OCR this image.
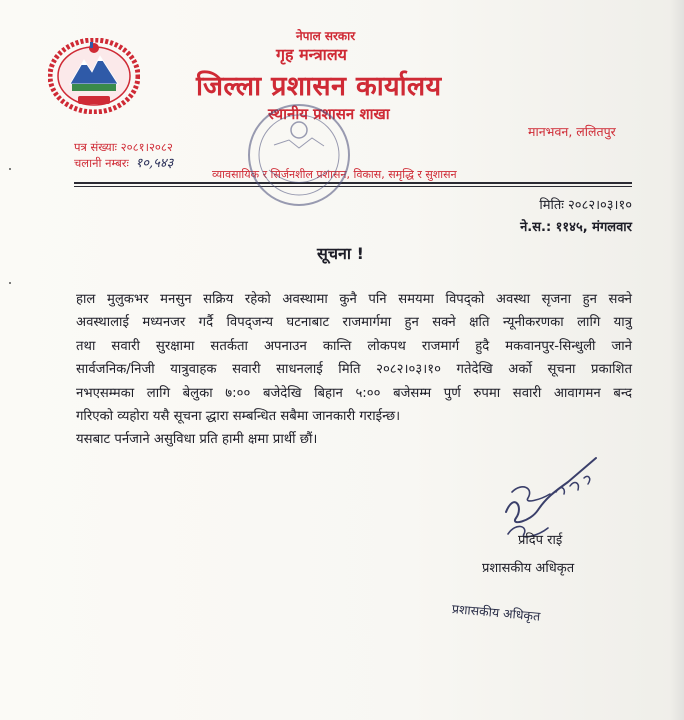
नेपाल सरकार
गृह मन्त्रालय
जिल्ला प्रशासन कार्यालय
स्थानीय प्रशासन शाखा
मानभवन, ललितपुर
पत्र संख्याः २०८१।२०८२
चलानी नम्बरः १०,५४३
व्यावसायिक र सिर्जनशील प्रशासन, विकास, समृद्धि र सुशासन
मितिः २०८२।०३।१०
ने.स.: ११४५, मंगलवार
सूचना !
हाल मुलुकभर मनसुन सक्रिय रहेको अवस्थामा कुनै पनि समयमा विपद्को अवस्था सृजना हुन सक्ने
अवस्थालाई मध्यनजर गर्दै विपद्जन्य घटनाबाट राजमार्गमा हुन सक्ने क्षति न्यूनीकरणका लागि यात्रु
तथा सवारी सुरक्षामा सतर्कता अपनाउन कान्ति लोकपथ राजमार्ग हुदै मकवानपुर-सिन्धुली जाने
सार्वजनिक/निजी यात्रुवाहक सवारी साधनलाई मिति २०८२।०३।१० गतेदेखि अर्को सूचना प्रकाशित
नभएसम्मका लागि बेलुका ७:०० बजेदेखि बिहान ५:०० बजेसम्म पुर्ण रुपमा सवारी आवागमन बन्द
गरिएको व्यहोरा यसै सूचना द्धारा सम्बन्धित सबैमा जानकारी गराईन्छ।
यसबाट पर्नजाने असुविधा प्रति हामी क्षमा प्रार्थी छौं।
प्रदिप राई
प्रशासकीय अधिकृत
प्रशासकीय अधिकृत
